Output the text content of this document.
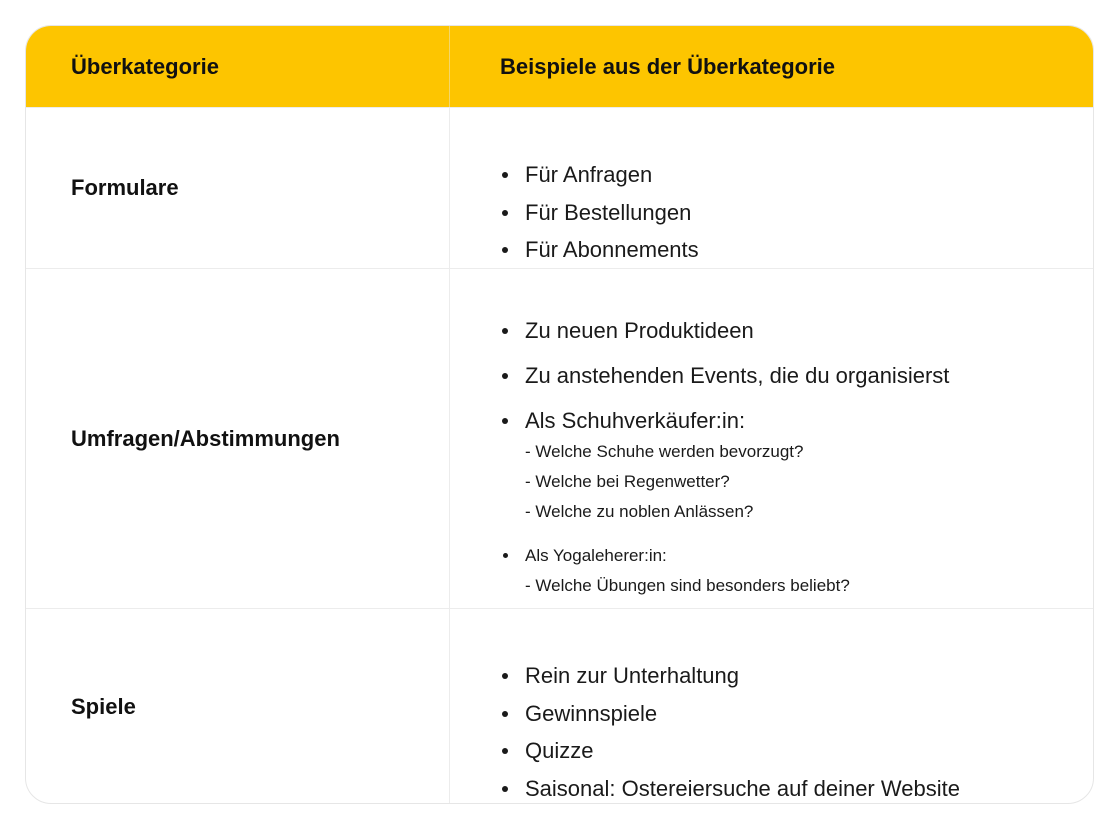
Überkategorie	Beispiele aus der Überkategorie
Formulare
Für Anfragen
Für Bestellungen
Für Abonnements
Umfragen/Abstimmungen
Zu neuen Produktideen
Zu anstehenden Events, die du organisierst
Als Schuhverkäufer:in:
- Welche Schuhe werden bevorzugt?
- Welche bei Regenwetter?
- Welche zu noblen Anlässen?
Als Yogaleherer:in:
- Welche Übungen sind besonders beliebt?
Spiele
Rein zur Unterhaltung
Gewinnspiele
Quizze
Saisonal: Ostereiersuche auf deiner Website
